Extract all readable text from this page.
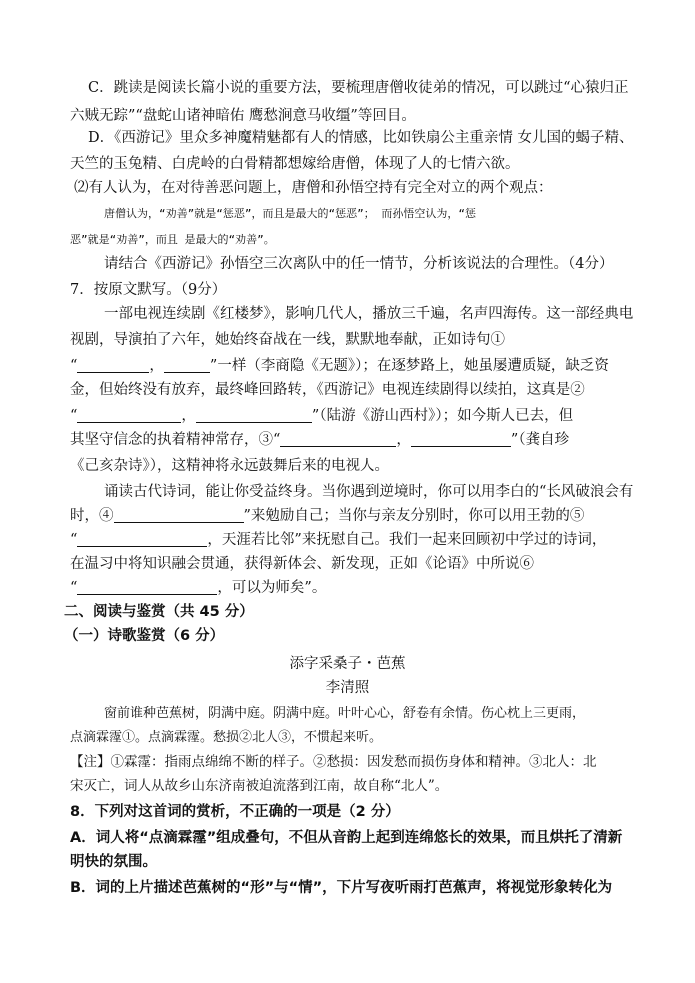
C．跳读是阅读长篇小说的重要方法，要梳理唐僧收徒弟的情况，可以跳过“心猿归正
六贼无踪”“盘蛇山诸神暗佑 鹰愁涧意马收缰”等回目。
D．《西游记》里众多神魔精魅都有人的情感，比如铁扇公主重亲情 女儿国的蝎子精、
天竺的玉兔精、白虎岭的白骨精都想嫁给唐僧，体现了人的七情六欲。
⑵有人认为，在对待善恶问题上，唐僧和孙悟空持有完全对立的两个观点：
唐僧认为，“劝善”就是“惩恶”，而且是最大的“惩恶”； 而孙悟空认为，“惩
恶”就是“劝善”，而且 是最大的“劝善”。
请结合《西游记》孙悟空三次离队中的任一情节，分析该说法的合理性。（4分）
7．按原文默写。（9分）
一部电视连续剧《红楼梦》，影响几代人，播放三千遍，名声四海传。这一部经典电
视剧，导演拍了六年，她始终奋战在一线，默默地奉献，正如诗句①
“	，	”一样（李商隐《无题》）；在逐梦路上，她虽屡遭质疑，缺乏资
金，但始终没有放弃，最终峰回路转，《西游记》电视连续剧得以续拍，这真是②
“	，	”（陆游《游山西村》）；如今斯人已去，但
其坚守信念的执着精神常存，③“	，	”（龚自珍
《己亥杂诗》），这精神将永远鼓舞后来的电视人。
诵读古代诗词，能让你受益终身。当你遇到逆境时，你可以用李白的“长风破浪会有
时，④	”来勉励自己；当你与亲友分别时，你可以用王勃的⑤
“	，天涯若比邻”来抚慰自己。我们一起来回顾初中学过的诗词，
在温习中将知识融会贯通，获得新体会、新发现，正如《论语》中所说⑥
“	，可以为师矣”。
二、阅读与鉴赏（共 45 分）
（一）诗歌鉴赏（6 分）
添字采桑子・芭蕉
李清照
窗前谁种芭蕉树，阴满中庭。阴满中庭。叶叶心心，舒卷有余情。伤心枕上三更雨，
点滴霖霪①。点滴霖霪。愁损②北人③，不惯起来听。
【注】①霖霪：指雨点绵绵不断的样子。②愁损：因发愁而损伤身体和精神。③北人：北
宋灭亡，词人从故乡山东济南被迫流落到江南，故自称“北人”。
8．下列对这首词的赏析，不正确的一项是（2 分）
A．词人将“点滴霖霪”组成叠句，不但从音韵上起到连绵悠长的效果，而且烘托了清新
明快的氛围。
B．词的上片描述芭蕉树的“形”与“情”，下片写夜听雨打芭蕉声，将视觉形象转化为
